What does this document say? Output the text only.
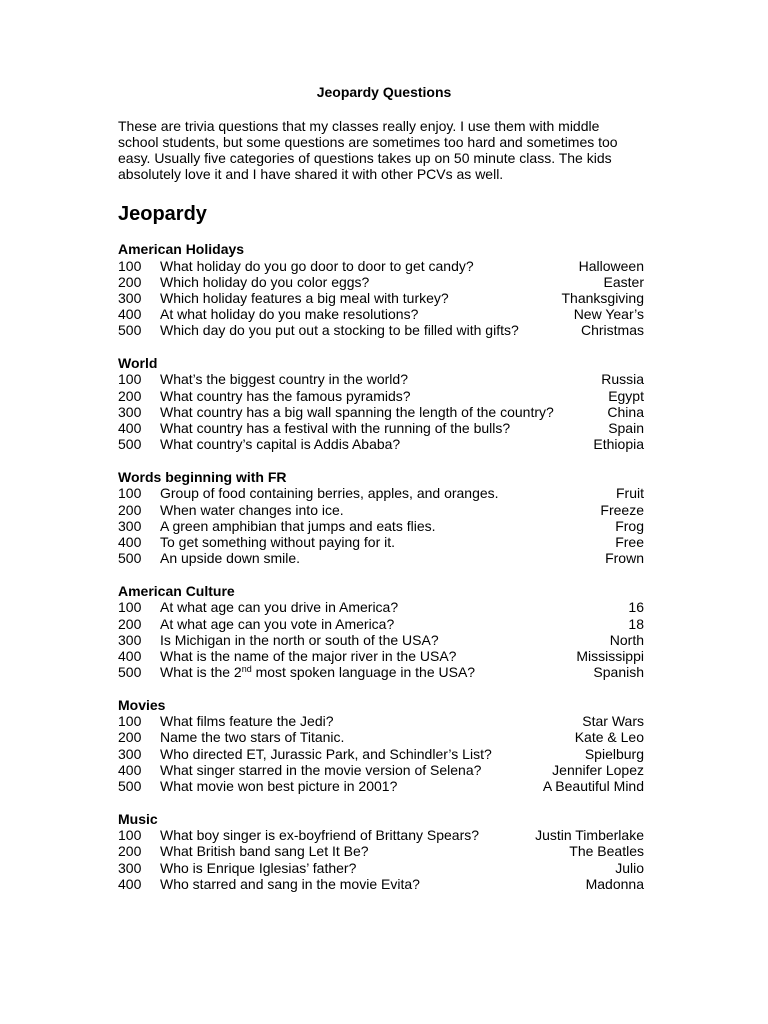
Jeopardy Questions
These are trivia questions that my classes really enjoy. I use them with middle
school students, but some questions are sometimes too hard and sometimes too
easy. Usually five categories of questions takes up on 50 minute class. The kids
absolutely love it and I have shared it with other PCVs as well.
Jeopardy
American Holidays
100 What holiday do you go door to door to get candy?	Halloween
200 Which holiday do you color eggs?	Easter
300 Which holiday features a big meal with turkey?	Thanksgiving
400 At what holiday do you make resolutions?	New Year’s
500 Which day do you put out a stocking to be filled with gifts?	Christmas
World
100 What’s the biggest country in the world?	Russia
200 What country has the famous pyramids?	Egypt
300 What country has a big wall spanning the length of the country?	China
400 What country has a festival with the running of the bulls?	Spain
500 What country’s capital is Addis Ababa?	Ethiopia
Words beginning with FR
100 Group of food containing berries, apples, and oranges.	Fruit
200 When water changes into ice.	Freeze
300 A green amphibian that jumps and eats flies.	Frog
400 To get something without paying for it.	Free
500 An upside down smile.	Frown
American Culture
100 At what age can you drive in America?	16
200 At what age can you vote in America?	18
300 Is Michigan in the north or south of the USA?	North
400 What is the name of the major river in the USA?	Mississippi
500 What is the 2nd most spoken language in the USA?	Spanish
Movies
100 What films feature the Jedi?	Star Wars
200 Name the two stars of Titanic.	Kate & Leo
300 Who directed ET, Jurassic Park, and Schindler’s List?	Spielburg
400 What singer starred in the movie version of Selena?	Jennifer Lopez
500 What movie won best picture in 2001?	A Beautiful Mind
Music
100 What boy singer is ex-boyfriend of Brittany Spears?	Justin Timberlake
200 What British band sang Let It Be?	The Beatles
300 Who is Enrique Iglesias’ father?	Julio
400 Who starred and sang in the movie Evita?	Madonna
